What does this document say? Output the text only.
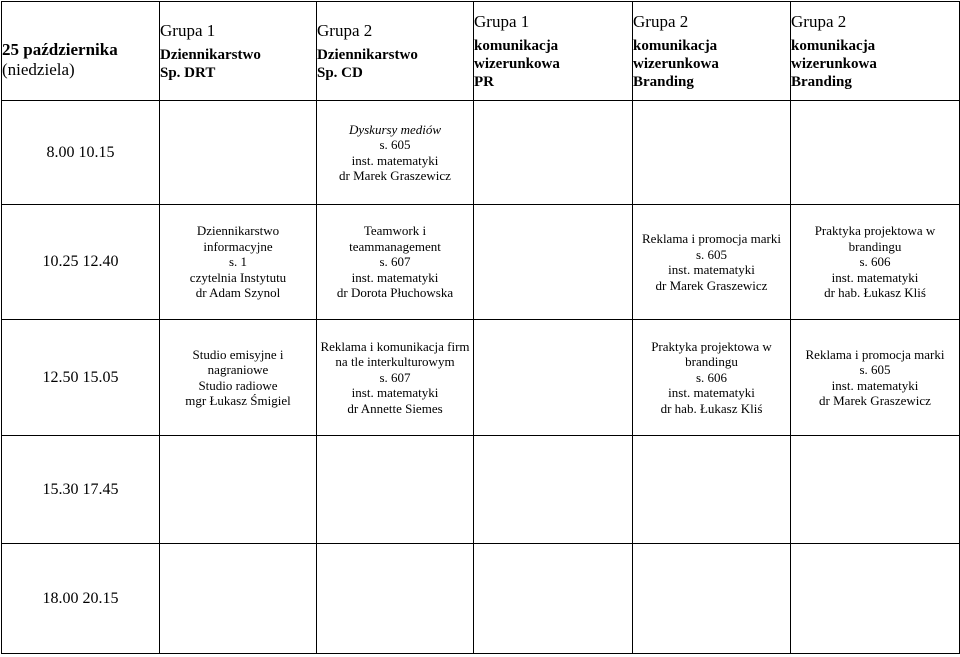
25 października
(niedziela)	Grupa 1
Dziennikarstwo
Sp. DRT	Grupa 2
Dziennikarstwo
Sp. CD	Grupa 1
komunikacja
wizerunkowa
PR	Grupa 2
komunikacja
wizerunkowa
Branding	Grupa 2
komunikacja
wizerunkowa
Branding

8.00 10.15		Dyskursy mediów
s. 605
inst. matematyki
dr Marek Graszewicz			

10.25 12.40	Dziennikarstwo
informacyjne
s. 1
czytelnia Instytutu
dr Adam Szynol	Teamwork i
teammanagement
s. 607
inst. matematyki
dr Dorota Płuchowska		Reklama i promocja marki
s. 605
inst. matematyki
dr Marek Graszewicz	Praktyka projektowa w
brandingu
s. 606
inst. matematyki
dr hab. Łukasz Kliś

12.50 15.05	Studio emisyjne i
nagraniowe
Studio radiowe
mgr Łukasz Śmigiel	Reklama i komunikacja firm
na tle interkulturowym
s. 607
inst. matematyki
dr Annette Siemes		Praktyka projektowa w
brandingu
s. 606
inst. matematyki
dr hab. Łukasz Kliś	Reklama i promocja marki
s. 605
inst. matematyki
dr Marek Graszewicz

15.30 17.45					
18.00 20.15					
